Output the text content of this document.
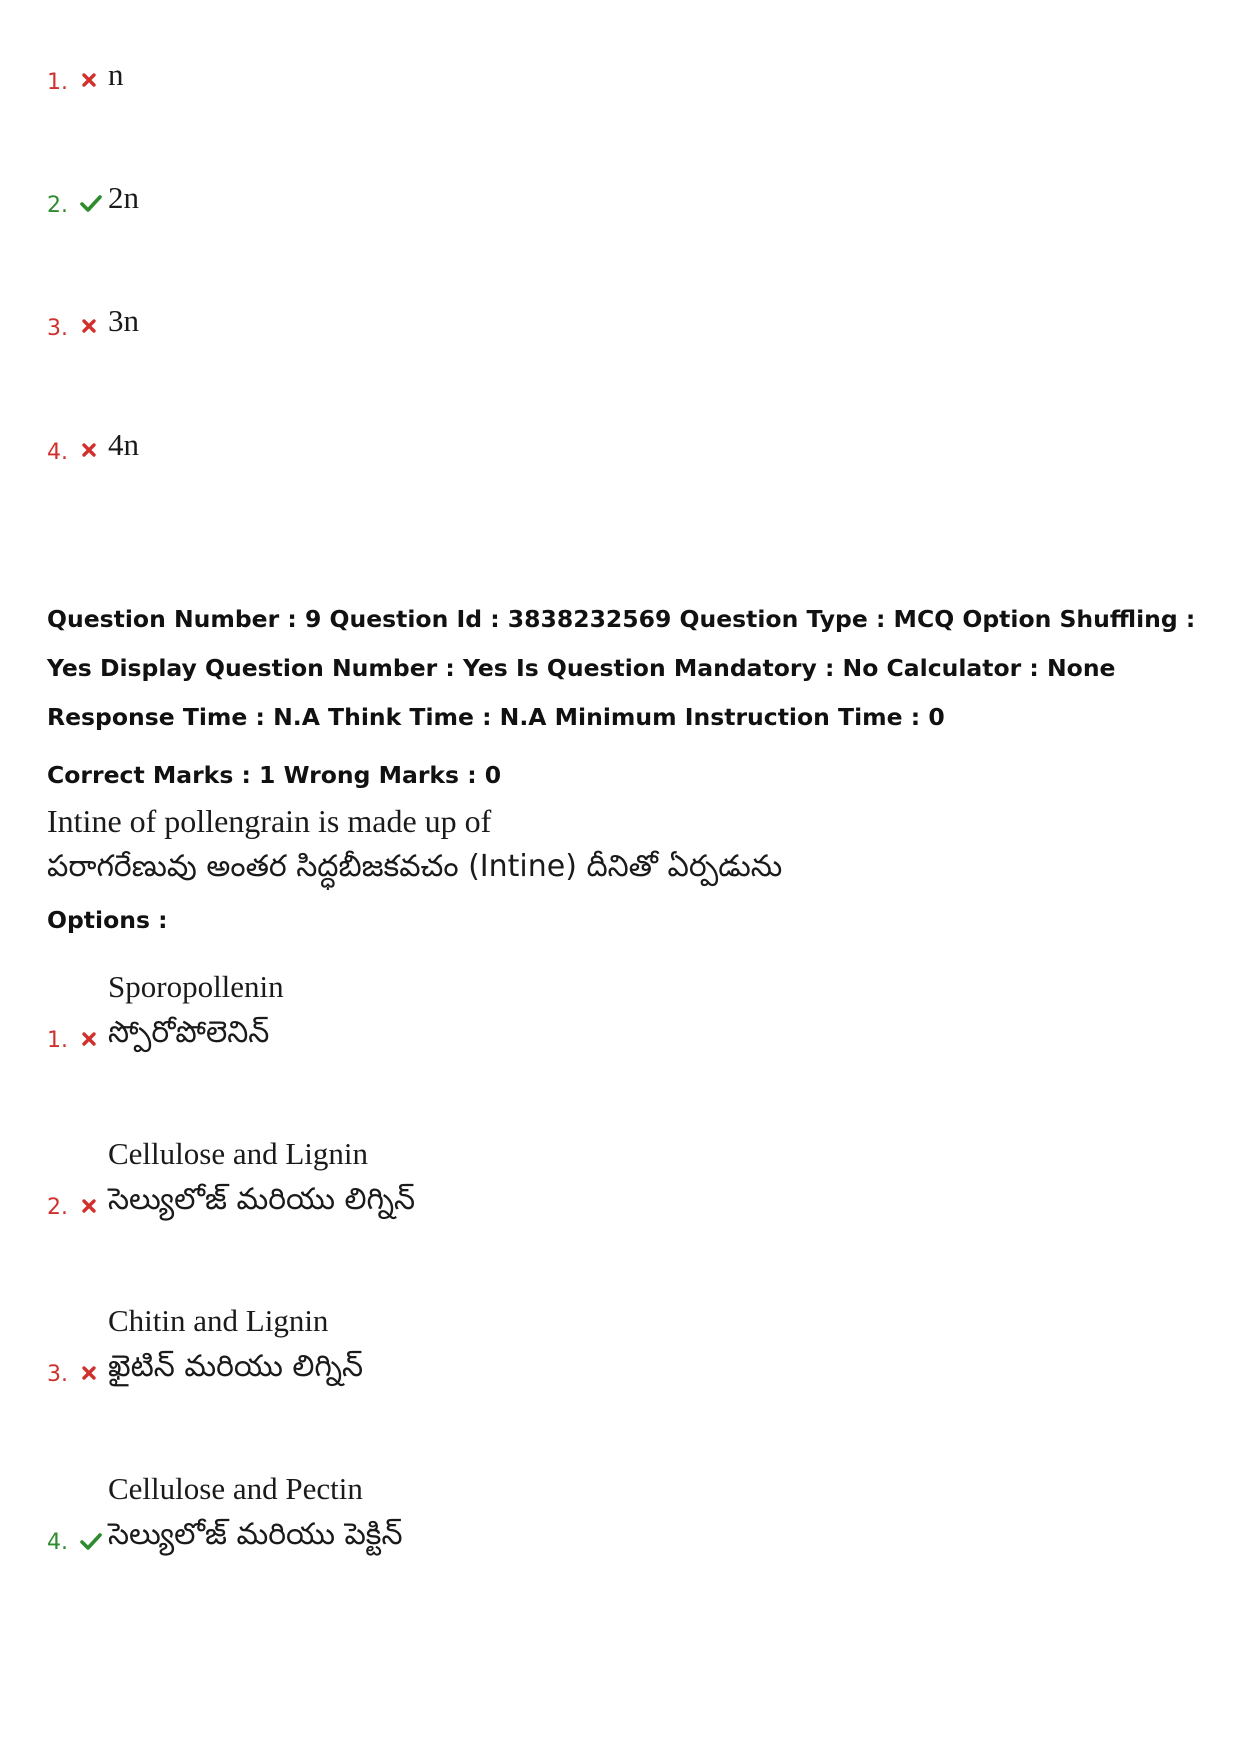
1. n
2. 2n
3. 3n
4. 4n
Question Number : 9 Question Id : 3838232569 Question Type : MCQ Option Shuffling : Yes Display Question Number : Yes Is Question Mandatory : No Calculator : None Response Time : N.A Think Time : N.A Minimum Instruction Time : 0
Correct Marks : 1 Wrong Marks : 0
Intine of pollengrain is made up of
పరాగరేణువు అంతర సిద్ధబీజకవచం (Intine) దీనితో ఏర్పడును
Options :
1.
Sporopollenin
స్పోరోపోలెనిన్
2.
Cellulose and Lignin
సెల్యులోజ్ మరియు లిగ్నిన్
3.
Chitin and Lignin
ఖైటిన్ మరియు లిగ్నిన్
4.
Cellulose and Pectin
సెల్యులోజ్ మరియు పెక్టిన్
